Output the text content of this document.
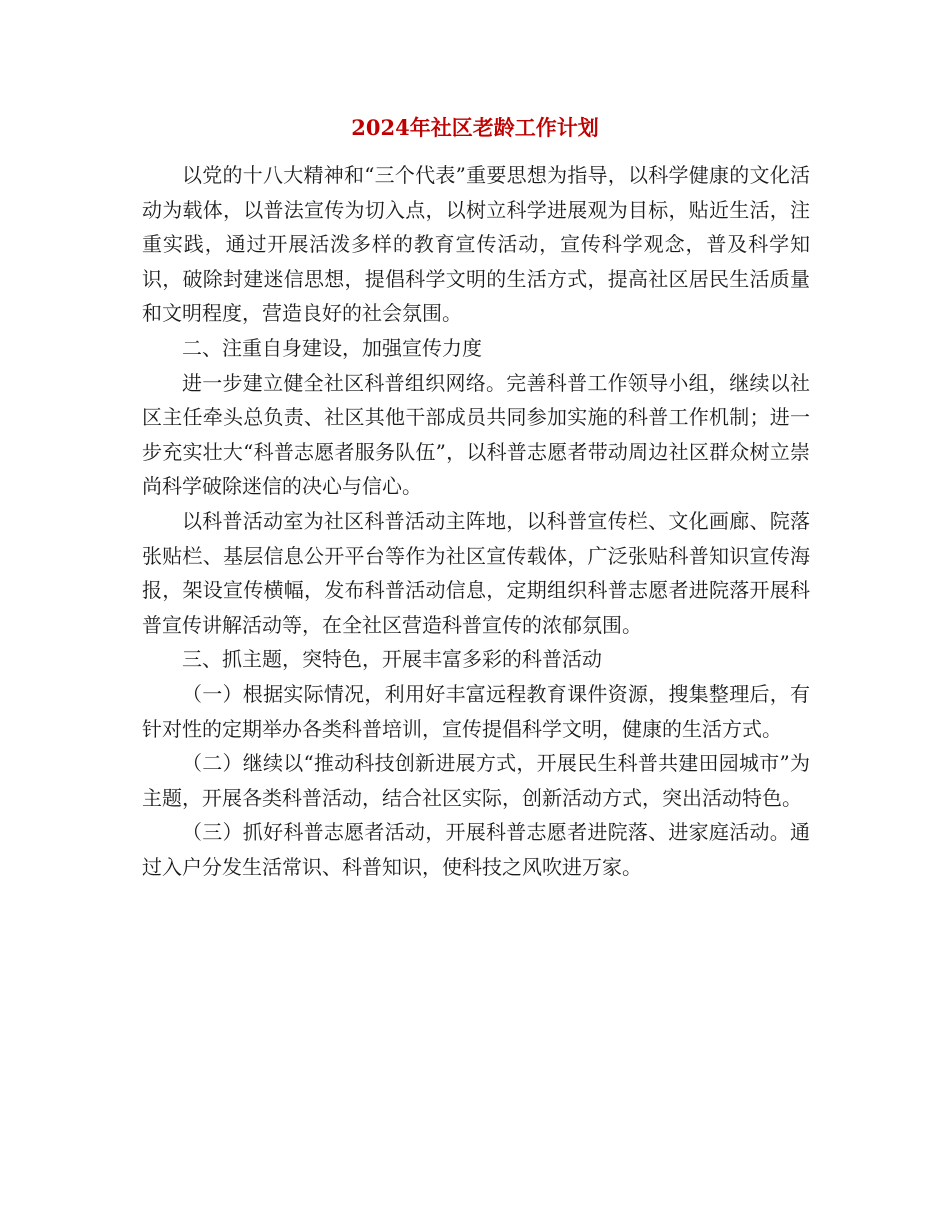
2024年社区老龄工作计划

以党的十八大精神和“三个代表”重要思想为指导，以科学健康的文化活动为载体，以普法宣传为切入点，以树立科学进展观为目标，贴近生活，注重实践，通过开展活泼多样的教育宣传活动，宣传科学观念，普及科学知识，破除封建迷信思想，提倡科学文明的生活方式，提高社区居民生活质量和文明程度，营造良好的社会氛围。

二、注重自身建设，加强宣传力度

进一步建立健全社区科普组织网络。完善科普工作领导小组，继续以社区主任牵头总负责、社区其他干部成员共同参加实施的科普工作机制；进一步充实壮大“科普志愿者服务队伍”，以科普志愿者带动周边社区群众树立崇尚科学破除迷信的决心与信心。

以科普活动室为社区科普活动主阵地，以科普宣传栏、文化画廊、院落张贴栏、基层信息公开平台等作为社区宣传载体，广泛张贴科普知识宣传海报，架设宣传横幅，发布科普活动信息，定期组织科普志愿者进院落开展科普宣传讲解活动等，在全社区营造科普宣传的浓郁氛围。

三、抓主题，突特色，开展丰富多彩的科普活动

（一）根据实际情况，利用好丰富远程教育课件资源，搜集整理后，有针对性的定期举办各类科普培训，宣传提倡科学文明，健康的生活方式。

（二）继续以“推动科技创新进展方式，开展民生科普共建田园城市”为主题，开展各类科普活动，结合社区实际，创新活动方式，突出活动特色。

（三）抓好科普志愿者活动，开展科普志愿者进院落、进家庭活动。通过入户分发生活常识、科普知识，使科技之风吹进万家。
